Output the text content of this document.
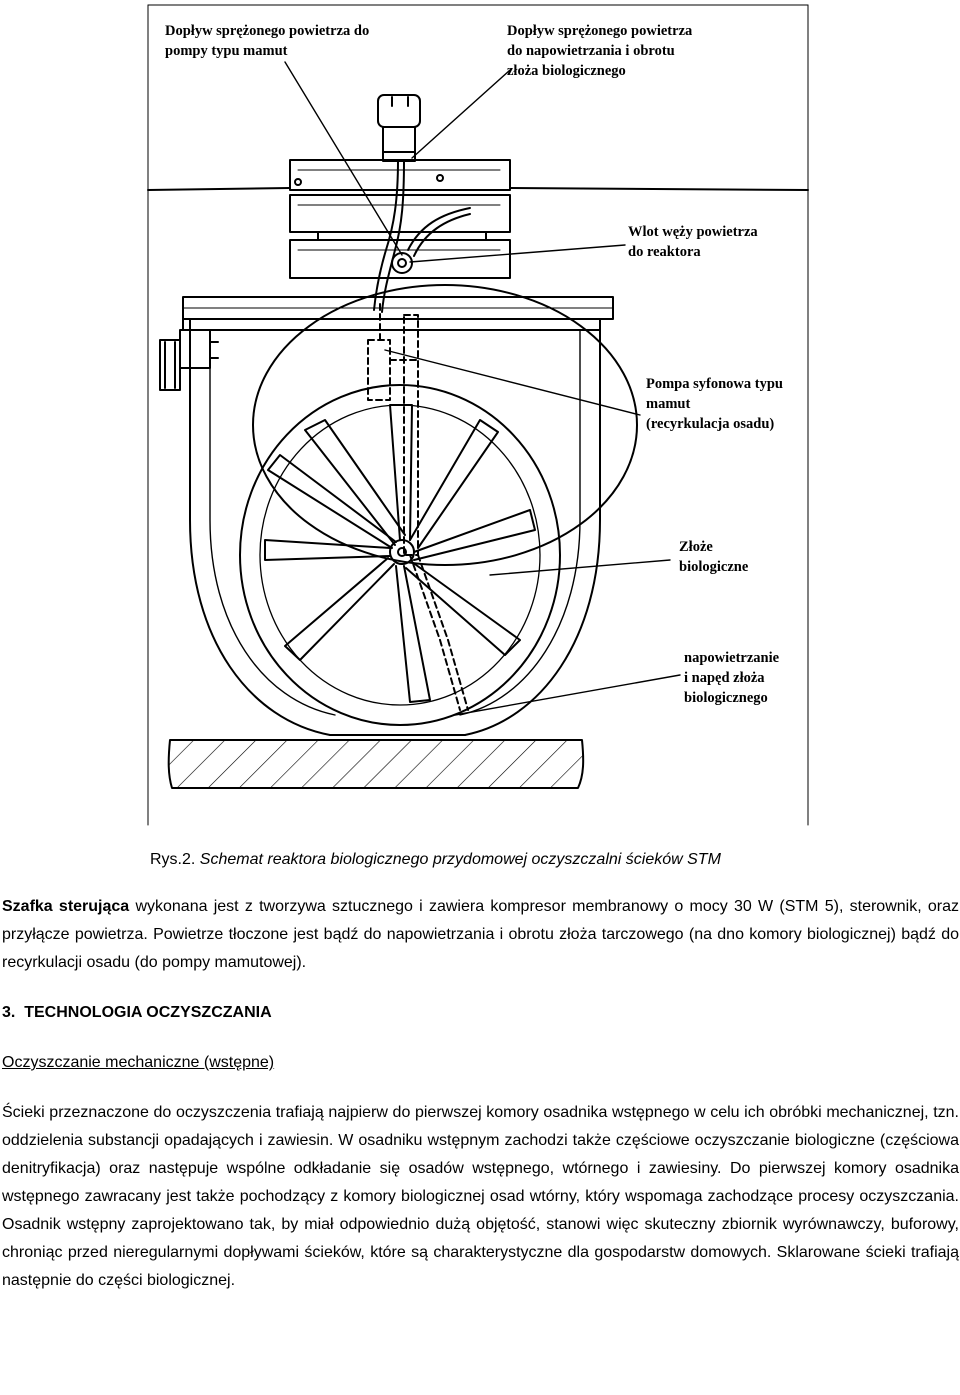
Dopływ sprężonego powietrza do
pompy typu mamut
Dopływ sprężonego powietrza
do napowietrzania i obrotu
złoża biologicznego
Wlot węży powietrza
do reaktora
Pompa syfonowa typu
mamut
(recyrkulacja osadu)
Złoże
biologiczne
napowietrzanie
i napęd złoża
biologicznego

Rys.2. Schemat reaktora biologicznego przydomowej oczyszczalni ścieków STM

Szafka sterująca wykonana jest z tworzywa sztucznego i zawiera kompresor membranowy o mocy 30 W (STM 5), sterownik, oraz przyłącze powietrza. Powietrze tłoczone jest bądź do napowietrzania i obrotu złoża tarczowego (na dno komory biologicznej) bądź do recyrkulacji osadu (do pompy mamutowej).

3. TECHNOLOGIA OCZYSZCZANIA

Oczyszczanie mechaniczne (wstępne)

Ścieki przeznaczone do oczyszczenia trafiają najpierw do pierwszej komory osadnika wstępnego w celu ich obróbki mechanicznej, tzn. oddzielenia substancji opadających i zawiesin. W osadniku wstępnym zachodzi także częściowe oczyszczanie biologiczne (częściowa denitryfikacja) oraz następuje wspólne odkładanie się osadów wstępnego, wtórnego i zawiesiny. Do pierwszej komory osadnika wstępnego zawracany jest także pochodzący z komory biologicznej osad wtórny, który wspomaga zachodzące procesy oczyszczania. Osadnik wstępny zaprojektowano tak, by miał odpowiednio dużą objętość, stanowi więc skuteczny zbiornik wyrównawczy, buforowy, chroniąc przed nieregularnymi dopływami ścieków, które są charakterystyczne dla gospodarstw domowych. Sklarowane ścieki trafiają następnie do części biologicznej.
